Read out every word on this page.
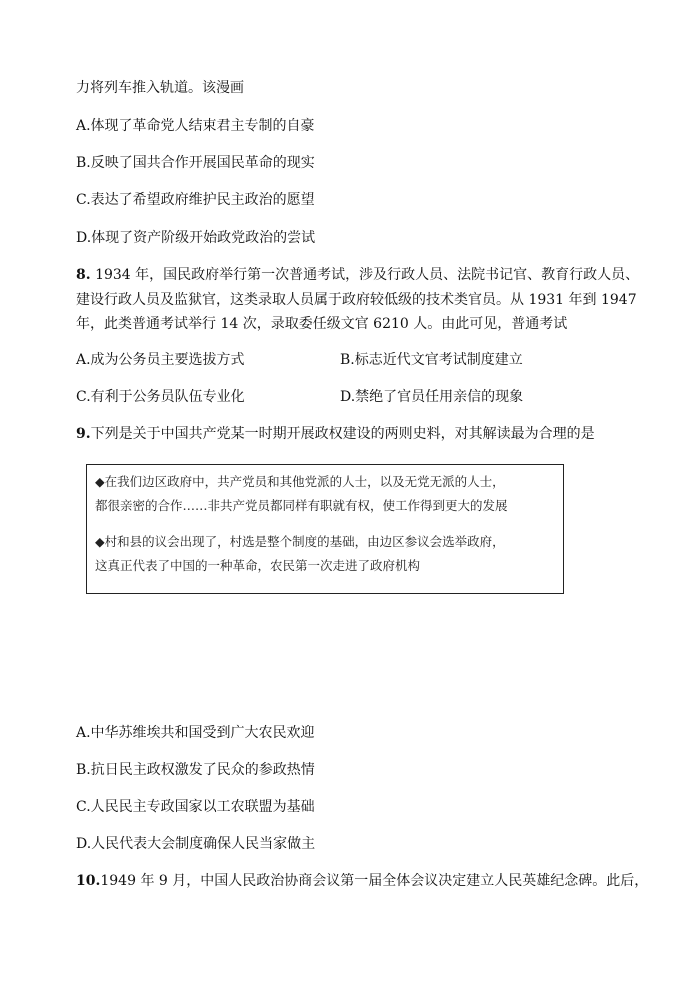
力将列车推入轨道。该漫画
A.体现了革命党人结束君主专制的自豪
B.反映了国共合作开展国民革命的现实
C.表达了希望政府维护民主政治的愿望
D.体现了资产阶级开始政党政治的尝试
8. 1934 年，国民政府举行第一次普通考试，涉及行政人员、法院书记官、教育行政人员、
建设行政人员及监狱官，这类录取人员属于政府较低级的技术类官员。从 1931 年到 1947
年，此类普通考试举行 14 次，录取委任级文官 6210 人。由此可见，普通考试
A.成为公务员主要选拔方式	B.标志近代文官考试制度建立
C.有利于公务员队伍专业化	D.禁绝了官员任用亲信的现象
9.下列是关于中国共产党某一时期开展政权建设的两则史料，对其解读最为合理的是
◆在我们边区政府中，共产党员和其他党派的人士，以及无党无派的人士，
都很亲密的合作……非共产党员都同样有职就有权，使工作得到更大的发展
◆村和县的议会出现了，村选是整个制度的基础，由边区参议会选举政府，
这真正代表了中国的一种革命，农民第一次走进了政府机构
A.中华苏维埃共和国受到广大农民欢迎
B.抗日民主政权激发了民众的参政热情
C.人民民主专政国家以工农联盟为基础
D.人民代表大会制度确保人民当家做主
10.1949 年 9 月，中国人民政治协商会议第一届全体会议决定建立人民英雄纪念碑。此后，
